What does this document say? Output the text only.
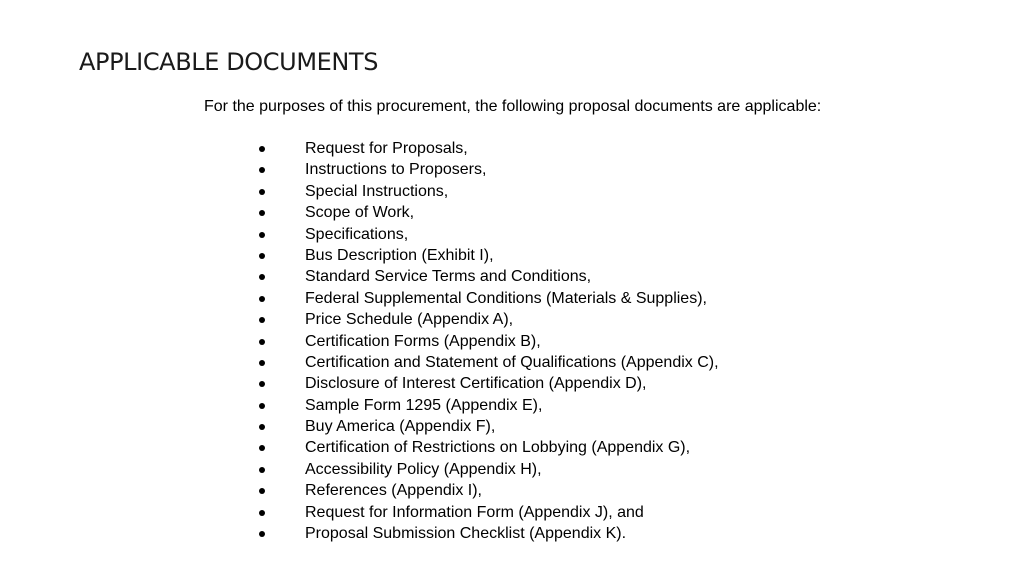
APPLICABLE DOCUMENTS

For the purposes of this procurement, the following proposal documents are applicable:

Request for Proposals,
Instructions to Proposers,
Special Instructions,
Scope of Work,
Specifications,
Bus Description (Exhibit I),
Standard Service Terms and Conditions,
Federal Supplemental Conditions (Materials & Supplies),
Price Schedule (Appendix A),
Certification Forms (Appendix B),
Certification and Statement of Qualifications (Appendix C),
Disclosure of Interest Certification (Appendix D),
Sample Form 1295 (Appendix E),
Buy America (Appendix F),
Certification of Restrictions on Lobbying (Appendix G),
Accessibility Policy (Appendix H),
References (Appendix I),
Request for Information Form (Appendix J), and
Proposal Submission Checklist (Appendix K).
